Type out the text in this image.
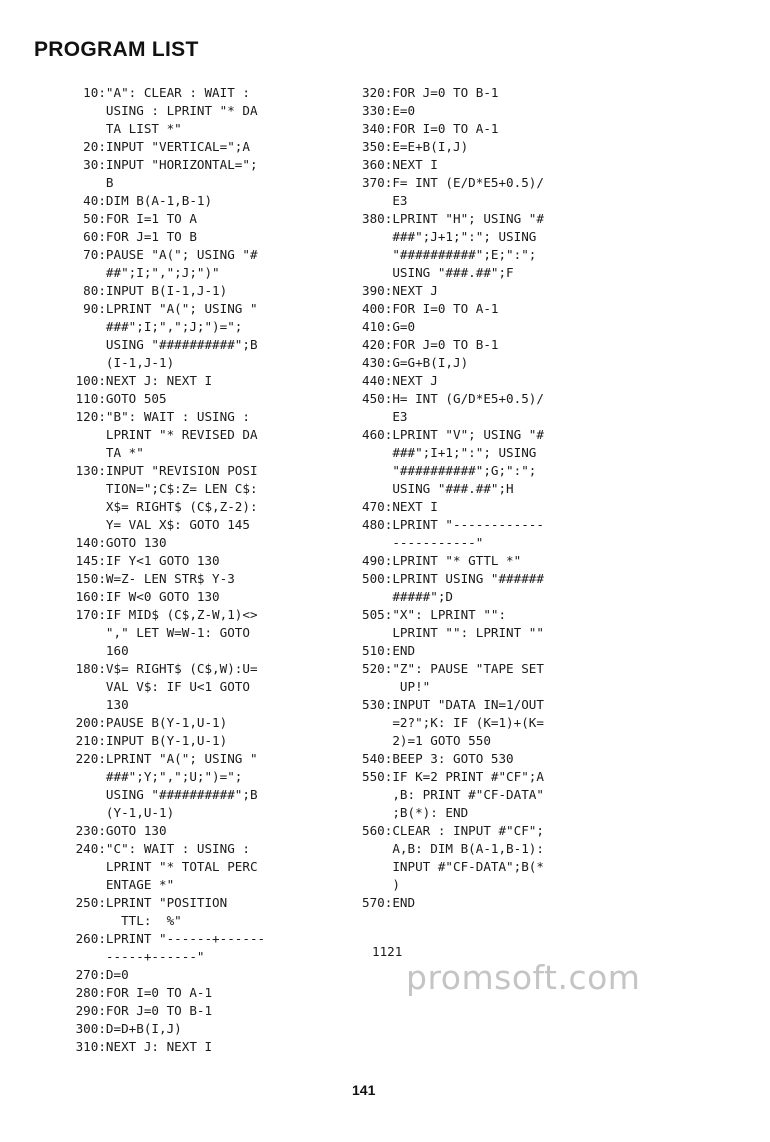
PROGRAM LIST
10:"A": CLEAR : WAIT :
USING : LPRINT "* DA
TA LIST *"
20:INPUT "VERTICAL=";A
30:INPUT "HORIZONTAL=";
B
40:DIM B(A-1,B-1)
50:FOR I=1 TO A
60:FOR J=1 TO B
70:PAUSE "A("; USING "#
##";I;",";J;")"
80:INPUT B(I-1,J-1)
90:LPRINT "A("; USING "
###";I;",";J;")=";
USING "##########";B
(I-1,J-1)
100:NEXT J: NEXT I
110:GOTO 505
120:"B": WAIT : USING :
LPRINT "* REVISED DA
TA *"
130:INPUT "REVISION POSI
TION=";C$:Z= LEN C$:
X$= RIGHT$ (C$,Z-2):
Y= VAL X$: GOTO 145
140:GOTO 130
145:IF Y<1 GOTO 130
150:W=Z- LEN STR$ Y-3
160:IF W<0 GOTO 130
170:IF MID$ (C$,Z-W,1)<>
"," LET W=W-1: GOTO
160
180:V$= RIGHT$ (C$,W):U=
VAL V$: IF U<1 GOTO
130
200:PAUSE B(Y-1,U-1)
210:INPUT B(Y-1,U-1)
220:LPRINT "A("; USING "
###";Y;",";U;")=";
USING "##########";B
(Y-1,U-1)
230:GOTO 130
240:"C": WAIT : USING :
LPRINT "* TOTAL PERC
ENTAGE *"
250:LPRINT "POSITION
TTL:  %"
260:LPRINT "------+------
-----+------"
270:D=0
280:FOR I=0 TO A-1
290:FOR J=0 TO B-1
300:D=D+B(I,J)
310:NEXT J: NEXT I
320:FOR J=0 TO B-1
330:E=0
340:FOR I=0 TO A-1
350:E=E+B(I,J)
360:NEXT I
370:F= INT (E/D*E5+0.5)/
E3
380:LPRINT "H"; USING "#
###";J+1;":"; USING
"##########";E;":";
USING "###.##";F
390:NEXT J
400:FOR I=0 TO A-1
410:G=0
420:FOR J=0 TO B-1
430:G=G+B(I,J)
440:NEXT J
450:H= INT (G/D*E5+0.5)/
E3
460:LPRINT "V"; USING "#
###";I+1;":"; USING
"##########";G;":";
USING "###.##";H
470:NEXT I
480:LPRINT "------------
-----------"
490:LPRINT "* GTTL *"
500:LPRINT USING "######
#####";D
505:"X": LPRINT "":
LPRINT "": LPRINT ""
510:END
520:"Z": PAUSE "TAPE SET
UP!"
530:INPUT "DATA IN=1/OUT
=2?";K: IF (K=1)+(K=
2)=1 GOTO 550
540:BEEP 3: GOTO 530
550:IF K=2 PRINT #"CF";A
,B: PRINT #"CF-DATA"
;B(*): END
560:CLEAR : INPUT #"CF";
A,B: DIM B(A-1,B-1):
INPUT #"CF-DATA";B(*
)
570:END
1121
promsoft.com
141
